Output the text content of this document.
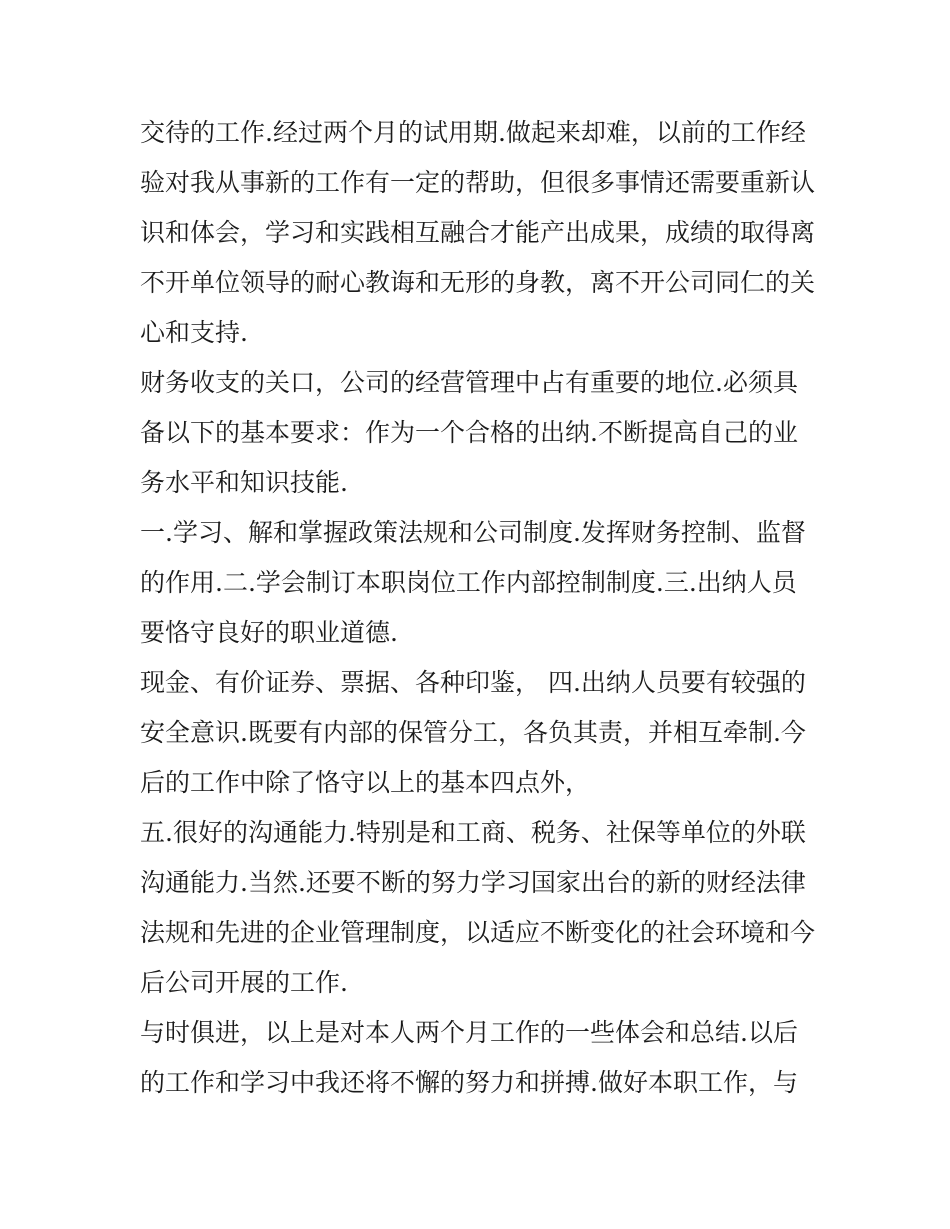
交待的工作.经过两个月的试用期.做起来却难，以前的工作经
验对我从事新的工作有一定的帮助，但很多事情还需要重新认
识和体会，学习和实践相互融合才能产出成果，成绩的取得离
不开单位领导的耐心教诲和无形的身教，离不开公司同仁的关
心和支持.
财务收支的关口，公司的经营管理中占有重要的地位.必须具
备以下的基本要求：作为一个合格的出纳.不断提高自己的业
务水平和知识技能.
一.学习、解和掌握政策法规和公司制度.发挥财务控制、监督
的作用.二.学会制订本职岗位工作内部控制制度.三.出纳人员
要恪守良好的职业道德.
现金、有价证券、票据、各种印鉴， 四.出纳人员要有较强的
安全意识.既要有内部的保管分工，各负其责，并相互牵制.今
后的工作中除了恪守以上的基本四点外，
五.很好的沟通能力.特别是和工商、税务、社保等单位的外联
沟通能力.当然.还要不断的努力学习国家出台的新的财经法律
法规和先进的企业管理制度，以适应不断变化的社会环境和今
后公司开展的工作.
与时俱进，以上是对本人两个月工作的一些体会和总结.以后
的工作和学习中我还将不懈的努力和拼搏.做好本职工作，与
